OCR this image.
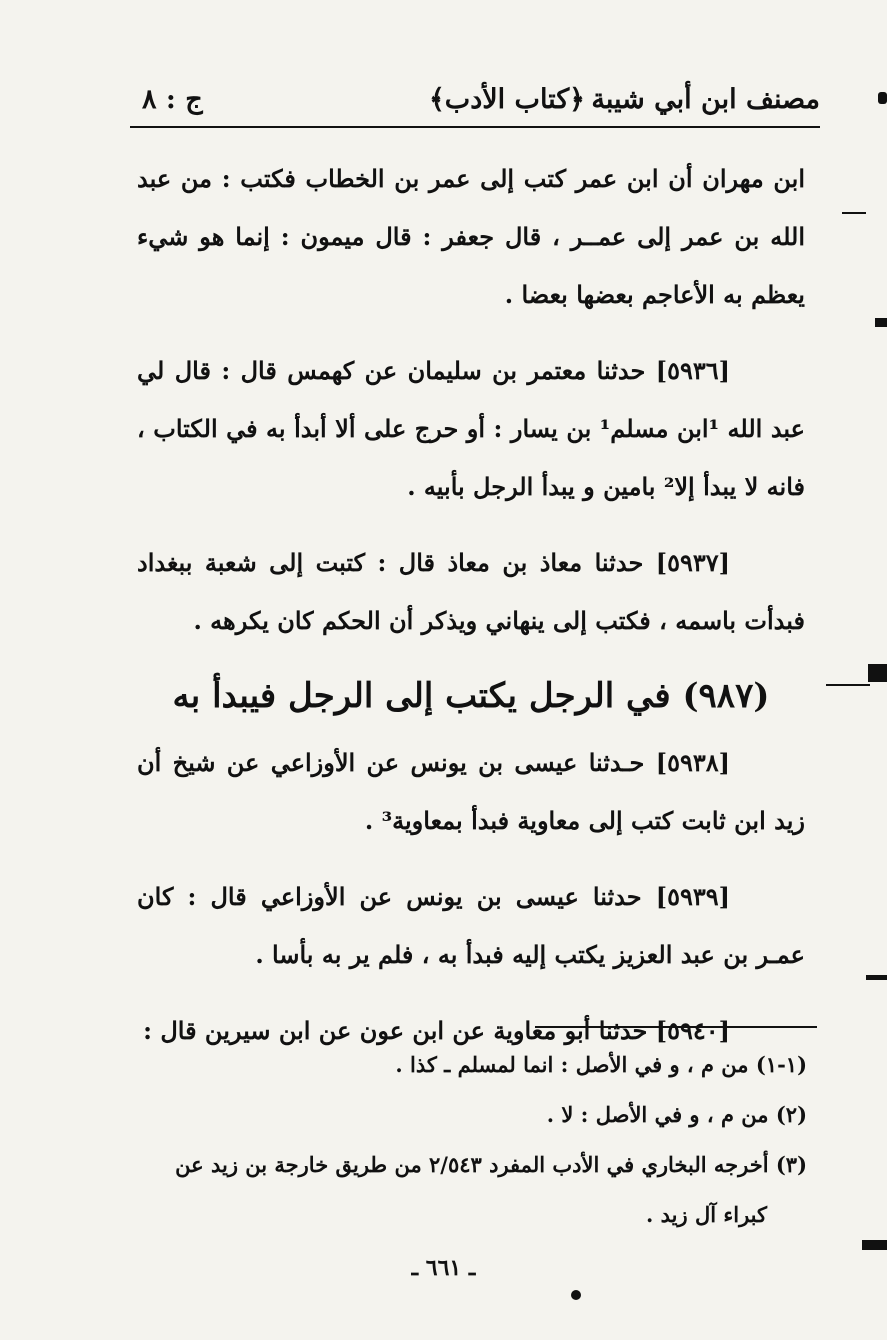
مصنف ابن أبي شيبة
﴿كتاب الأدب﴾
ج : ٨

ابن مهران أن ابن عمر كتب إلى عمر بن الخطاب فكتب : من عبد الله بن عمر إلى عمــر ، قال جعفر : قال ميمون : إنما هو شيء يعظم به الأعاجم بعضها بعضا .

[٥٩٣٦] حدثنا معتمر بن سليمان عن كهمس قال : قال لي عبد الله ¹ابن مسلم¹ بن يسار : أو حرج على ألا أبدأ به في الكتاب ، فانه لا يبدأ إلا² بامين و يبدأ الرجل بأبيه .

[٥٩٣٧] حدثنا معاذ بن معاذ قال : كتبت إلى شعبة ببغداد فبدأت باسمه ، فكتب إلى ينهاني ويذكر أن الحكم كان يكرهه .

(٩٨٧) في الرجل يكتب إلى الرجل فيبدأ به

[٥٩٣٨] حـدثنا عيسى بن يونس عن الأوزاعي عن شيخ أن زيد ابن ثابت كتب إلى معاوية فبدأ بمعاوية³ .

[٥٩٣٩] حدثنا عيسى بن يونس عن الأوزاعي قال : كان عمـر بن عبد العزيز يكتب إليه فبدأ به ، فلم ير به بأسا .

[٥٩٤٠] حدثنا أبو معاوية عن ابن عون عن ابن سيرين قال :

(١-١) من م ، و في الأصل : انما لمسلم ـ كذا .

(٢) من م ، و في الأصل : لا .

(٣) أخرجه البخاري في الأدب المفرد ٢/٥٤٣ من طريق خارجة بن زيد عن

كبراء آل زيد .

ـ ٦٦١ ـ
